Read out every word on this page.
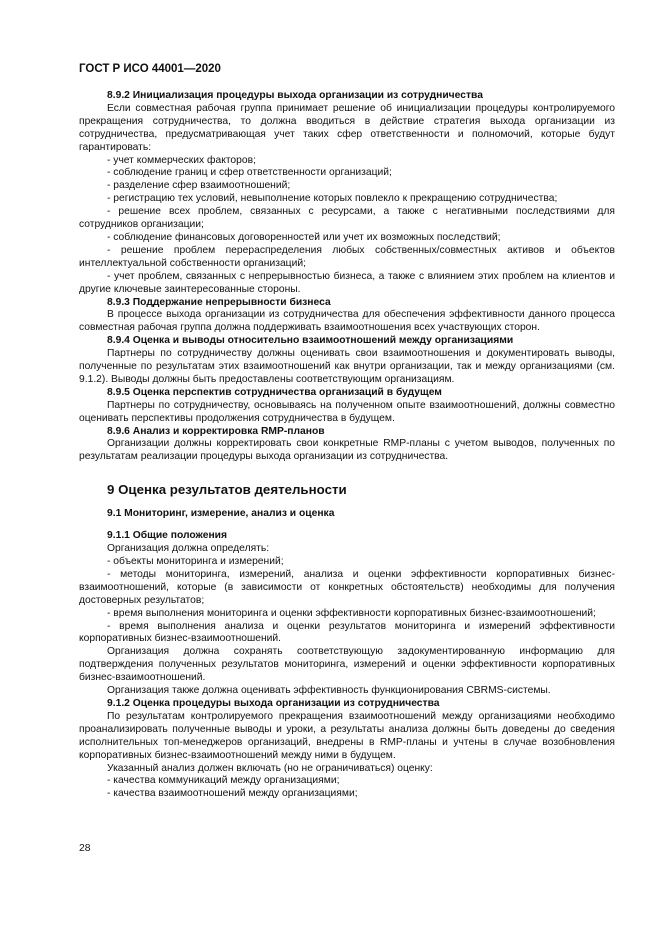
ГОСТ Р ИСО 44001—2020

8.9.2 Инициализация процедуры выхода организации из сотрудничества

Если совместная рабочая группа принимает решение об инициализации процедуры контролируемого прекращения сотрудничества, то должна вводиться в действие стратегия выхода организации из сотрудничества, предусматривающая учет таких сфер ответственности и полномочий, которые будут гарантировать:

- учет коммерческих факторов;

- соблюдение границ и сфер ответственности организаций;

- разделение сфер взаимоотношений;

- регистрацию тех условий, невыполнение которых повлекло к прекращению сотрудничества;

- решение всех проблем, связанных с ресурсами, а также с негативными последствиями для сотрудников организации;

- соблюдение финансовых договоренностей или учет их возможных последствий;

- решение проблем перераспределения любых собственных/совместных активов и объектов интеллектуальной собственности организаций;

- учет проблем, связанных с непрерывностью бизнеса, а также с влиянием этих проблем на клиентов и другие ключевые заинтересованные стороны.

8.9.3 Поддержание непрерывности бизнеса

В процессе выхода организации из сотрудничества для обеспечения эффективности данного процесса совместная рабочая группа должна поддерживать взаимоотношения всех участвующих сторон.

8.9.4 Оценка и выводы относительно взаимоотношений между организациями

Партнеры по сотрудничеству должны оценивать свои взаимоотношения и документировать выводы, полученные по результатам этих взаимоотношений как внутри организации, так и между организациями (см. 9.1.2). Выводы должны быть предоставлены соответствующим организациям.

8.9.5 Оценка перспектив сотрудничества организаций в будущем

Партнеры по сотрудничеству, основываясь на полученном опыте взаимоотношений, должны совместно оценивать перспективы продолжения сотрудничества в будущем.

8.9.6 Анализ и корректировка RMP-планов

Организации должны корректировать свои конкретные RMP-планы с учетом выводов, полученных по результатам реализации процедуры выхода организации из сотрудничества.

9 Оценка результатов деятельности

9.1 Мониторинг, измерение, анализ и оценка

9.1.1 Общие положения

Организация должна определять:

- объекты мониторинга и измерений;

- методы мониторинга, измерений, анализа и оценки эффективности корпоративных бизнес-взаимоотношений, которые (в зависимости от конкретных обстоятельств) необходимы для получения достоверных результатов;

- время выполнения мониторинга и оценки эффективности корпоративных бизнес-взаимоотношений;

- время выполнения анализа и оценки результатов мониторинга и измерений эффективности корпоративных бизнес-взаимоотношений.

Организация должна сохранять соответствующую задокументированную информацию для подтверждения полученных результатов мониторинга, измерений и оценки эффективности корпоративных бизнес-взаимоотношений.

Организация также должна оценивать эффективность функционирования CBRMS-системы.

9.1.2 Оценка процедуры выхода организации из сотрудничества

По результатам контролируемого прекращения взаимоотношений между организациями необходимо проанализировать полученные выводы и уроки, а результаты анализа должны быть доведены до сведения исполнительных топ-менеджеров организаций, внедрены в RMP-планы и учтены в случае возобновления корпоративных бизнес-взаимоотношений между ними в будущем.

Указанный анализ должен включать (но не ограничиваться) оценку:

- качества коммуникаций между организациями;

- качества взаимоотношений между организациями;

28
